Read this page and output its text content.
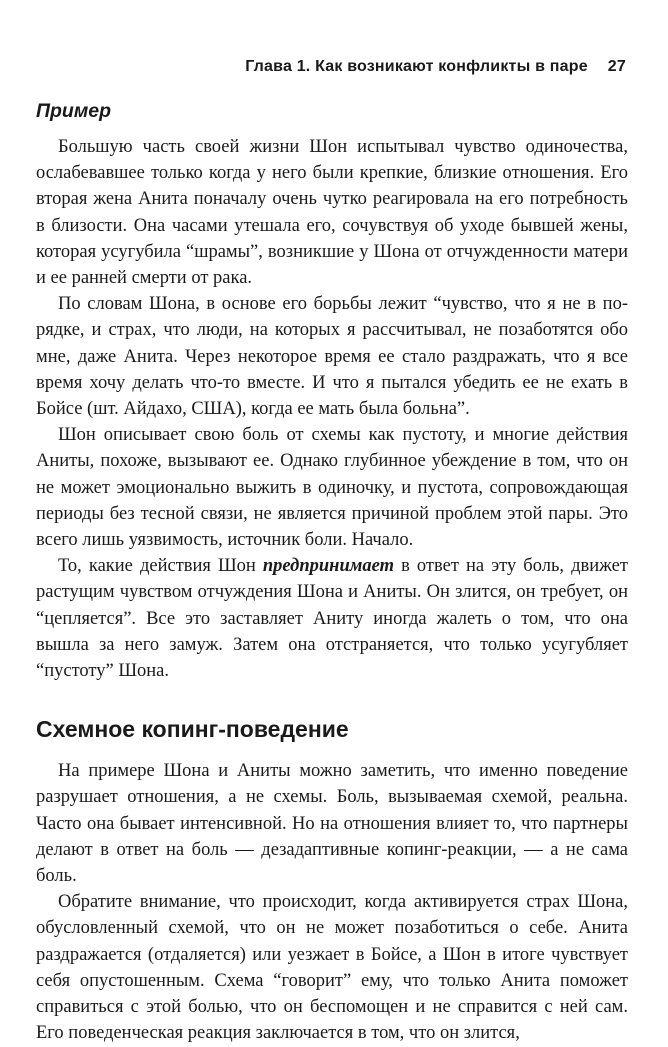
Глава 1. Как возникают конфликты в паре 27
Пример

Большую часть своей жизни Шон испытывал чувство одиночества, ослабевавшее только когда у него были крепкие, близкие отношения. Его вторая жена Анита поначалу очень чутко реагировала на его потребность в близости. Она часами утешала его, сочувствуя об уходе бывшей жены, которая усугубила “шрамы”, возникшие у Шона от отчужденности матери и ее ранней смерти от рака.

По словам Шона, в основе его борьбы лежит “чувство, что я не в порядке, и страх, что люди, на которых я рассчитывал, не позаботятся обо мне, даже Анита. Через некоторое время ее стало раздражать, что я все время хочу делать что-то вместе. И что я пытался убедить ее не ехать в Бойсе (шт. Айдахо, США), когда ее мать была больна”.

Шон описывает свою боль от схемы как пустоту, и многие действия Аниты, похоже, вызывают ее. Однако глубинное убеждение в том, что он не может эмоционально выжить в одиночку, и пустота, сопровождающая периоды без тесной связи, не является причиной проблем этой пары. Это всего лишь уязвимость, источник боли. Начало.

То, какие действия Шон предпринимает в ответ на эту боль, движет растущим чувством отчуждения Шона и Аниты. Он злится, он требует, он “цепляется”. Все это заставляет Аниту иногда жалеть о том, что она вышла за него замуж. Затем она отстраняется, что только усугубляет “пустоту” Шона.

Схемное копинг-поведение

На примере Шона и Аниты можно заметить, что именно поведение разрушает отношения, а не схемы. Боль, вызываемая схемой, реальна. Часто она бывает интенсивной. Но на отношения влияет то, что партнеры делают в ответ на боль — дезадаптивные копинг-реакции, — а не сама боль.

Обратите внимание, что происходит, когда активируется страх Шона, обусловленный схемой, что он не может позаботиться о себе. Анита раздражается (отдаляется) или уезжает в Бойсе, а Шон в итоге чувствует себя опустошенным. Схема “говорит” ему, что только Анита поможет справиться с этой болью, что он беспомощен и не справится с ней сам. Его поведенческая реакция заключается в том, что он злится,
